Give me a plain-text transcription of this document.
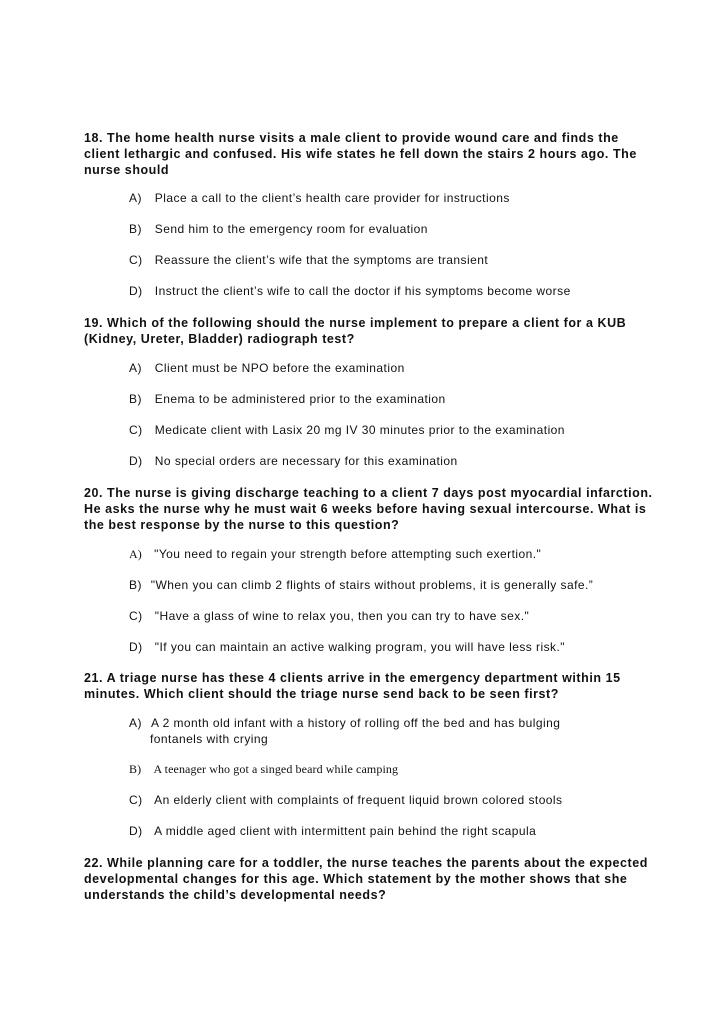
18. The home health nurse visits a male client to provide wound care and finds the client lethargic and confused. His wife states he fell down the stairs 2 hours ago. The nurse should

A) Place a call to the client’s health care provider for instructions
B) Send him to the emergency room for evaluation
C) Reassure the client’s wife that the symptoms are transient
D) Instruct the client’s wife to call the doctor if his symptoms become worse

19. Which of the following should the nurse implement to prepare a client for a KUB (Kidney, Ureter, Bladder) radiograph test?

A) Client must be NPO before the examination
B) Enema to be administered prior to the examination
C) Medicate client with Lasix 20 mg IV 30 minutes prior to the examination
D) No special orders are necessary for this examination

20. The nurse is giving discharge teaching to a client 7 days post myocardial infarction. He asks the nurse why he must wait 6 weeks before having sexual intercourse. What is the best response by the nurse to this question?

A) "You need to regain your strength before attempting such exertion."
B) "When you can climb 2 flights of stairs without problems, it is generally safe.”
C) "Have a glass of wine to relax you, then you can try to have sex."
D) "If you can maintain an active walking program, you will have less risk."

21. A triage nurse has these 4 clients arrive in the emergency department within 15 minutes. Which client should the triage nurse send back to be seen first?

A) A 2 month old infant with a history of rolling off the bed and has bulging
fontanels with crying
B) A teenager who got a singed beard while camping
C) An elderly client with complaints of frequent liquid brown colored stools
D) A middle aged client with intermittent pain behind the right scapula

22. While planning care for a toddler, the nurse teaches the parents about the expected developmental changes for this age. Which statement by the mother shows that she understands the child’s developmental needs?
